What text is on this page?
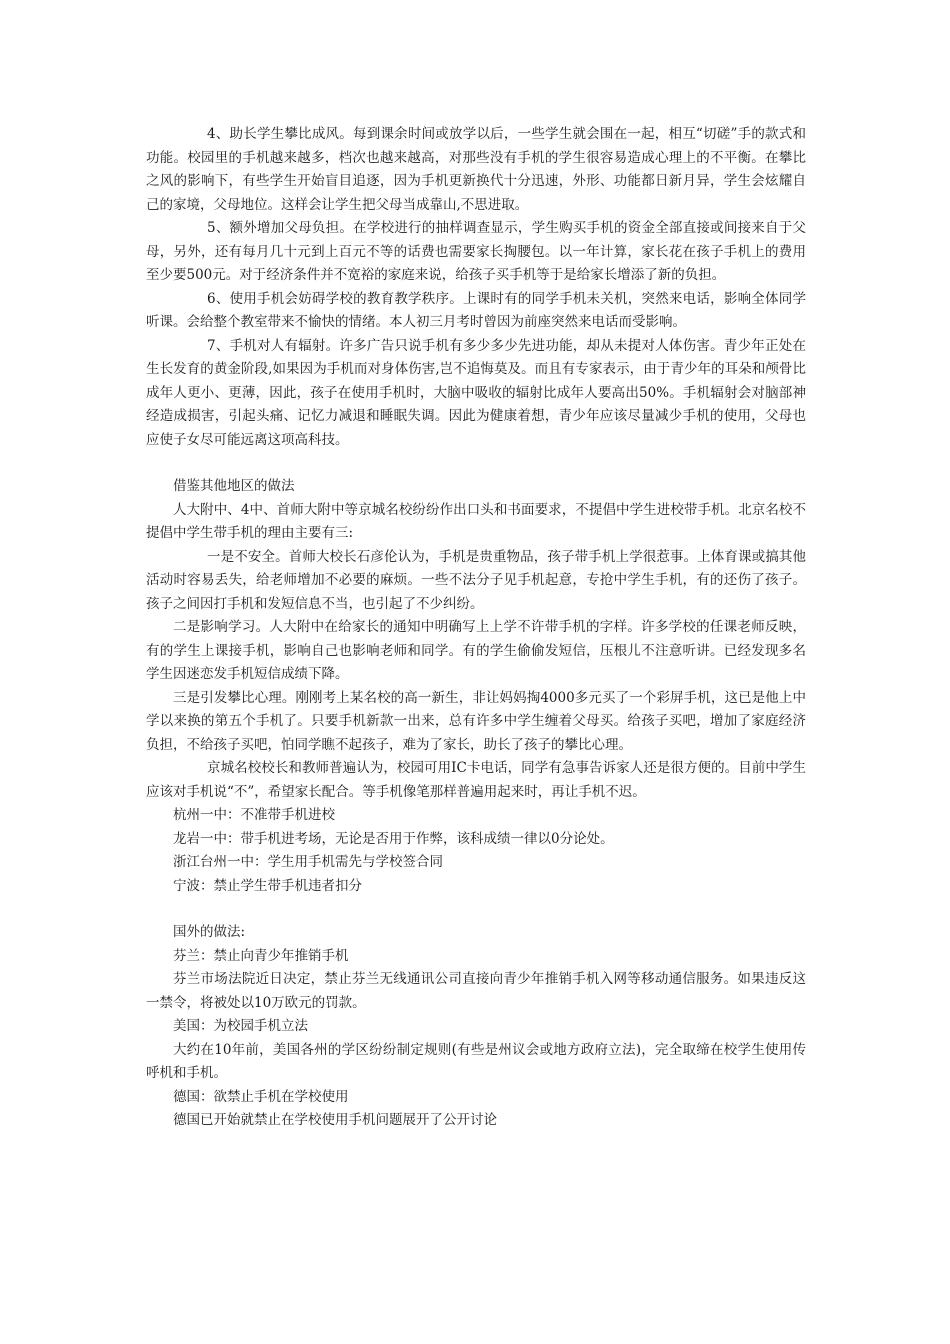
4、助长学生攀比成风。每到课余时间或放学以后，一些学生就会围在一起，相互“切磋”手的款式和功能。校园里的手机越来越多，档次也越来越高，对那些没有手机的学生很容易造成心理上的不平衡。在攀比之风的影响下，有些学生开始盲目追逐，因为手机更新换代十分迅速，外形、功能都日新月异，学生会炫耀自己的家境，父母地位。这样会让学生把父母当成靠山,不思进取。

5、额外增加父母负担。在学校进行的抽样调查显示，学生购买手机的资金全部直接或间接来自于父母，另外，还有每月几十元到上百元不等的话费也需要家长掏腰包。以一年计算，家长花在孩子手机上的费用至少要500元。对于经济条件并不宽裕的家庭来说，给孩子买手机等于是给家长增添了新的负担。

6、使用手机会妨碍学校的教育教学秩序。上课时有的同学手机未关机，突然来电话，影响全体同学听课。会给整个教室带来不愉快的情绪。本人初三月考时曾因为前座突然来电话而受影响。

7、手机对人有辐射。许多广告只说手机有多少多少先进功能，却从未提对人体伤害。青少年正处在生长发育的黄金阶段,如果因为手机而对身体伤害,岂不追悔莫及。而且有专家表示，由于青少年的耳朵和颅骨比成年人更小、更薄，因此，孩子在使用手机时，大脑中吸收的辐射比成年人要高出50%。手机辐射会对脑部神经造成损害，引起头痛、记忆力减退和睡眠失调。因此为健康着想，青少年应该尽量减少手机的使用，父母也应使子女尽可能远离这项高科技。

借鉴其他地区的做法

人大附中、4中、首师大附中等京城名校纷纷作出口头和书面要求，不提倡中学生进校带手机。北京名校不提倡中学生带手机的理由主要有三:

一是不安全。首师大校长石彦伦认为，手机是贵重物品，孩子带手机上学很惹事。上体育课或搞其他活动时容易丢失，给老师增加不必要的麻烦。一些不法分子见手机起意，专抢中学生手机，有的还伤了孩子。孩子之间因打手机和发短信息不当，也引起了不少纠纷。

二是影响学习。人大附中在给家长的通知中明确写上上学不许带手机的字样。许多学校的任课老师反映，有的学生上课接手机，影响自己也影响老师和同学。有的学生偷偷发短信，压根儿不注意听讲。已经发现多名学生因迷恋发手机短信成绩下降。

三是引发攀比心理。刚刚考上某名校的高一新生，非让妈妈掏4000多元买了一个彩屏手机，这已是他上中学以来换的第五个手机了。只要手机新款一出来，总有许多中学生缠着父母买。给孩子买吧，增加了家庭经济负担，不给孩子买吧，怕同学瞧不起孩子，难为了家长，助长了孩子的攀比心理。

京城名校校长和教师普遍认为，校园可用IC卡电话，同学有急事告诉家人还是很方便的。目前中学生应该对手机说“不”，希望家长配合。等手机像笔那样普遍用起来时，再让手机不迟。

杭州一中：不准带手机进校

龙岩一中：带手机进考场，无论是否用于作弊，该科成绩一律以0分论处。

浙江台州一中：学生用手机需先与学校签合同

宁波：禁止学生带手机违者扣分

国外的做法:

芬兰：禁止向青少年推销手机

芬兰市场法院近日决定，禁止芬兰无线通讯公司直接向青少年推销手机入网等移动通信服务。如果违反这一禁令，将被处以10万欧元的罚款。

美国：为校园手机立法

大约在10年前，美国各州的学区纷纷制定规则(有些是州议会或地方政府立法)，完全取缔在校学生使用传呼机和手机。

德国：欲禁止手机在学校使用

德国已开始就禁止在学校使用手机问题展开了公开讨论
